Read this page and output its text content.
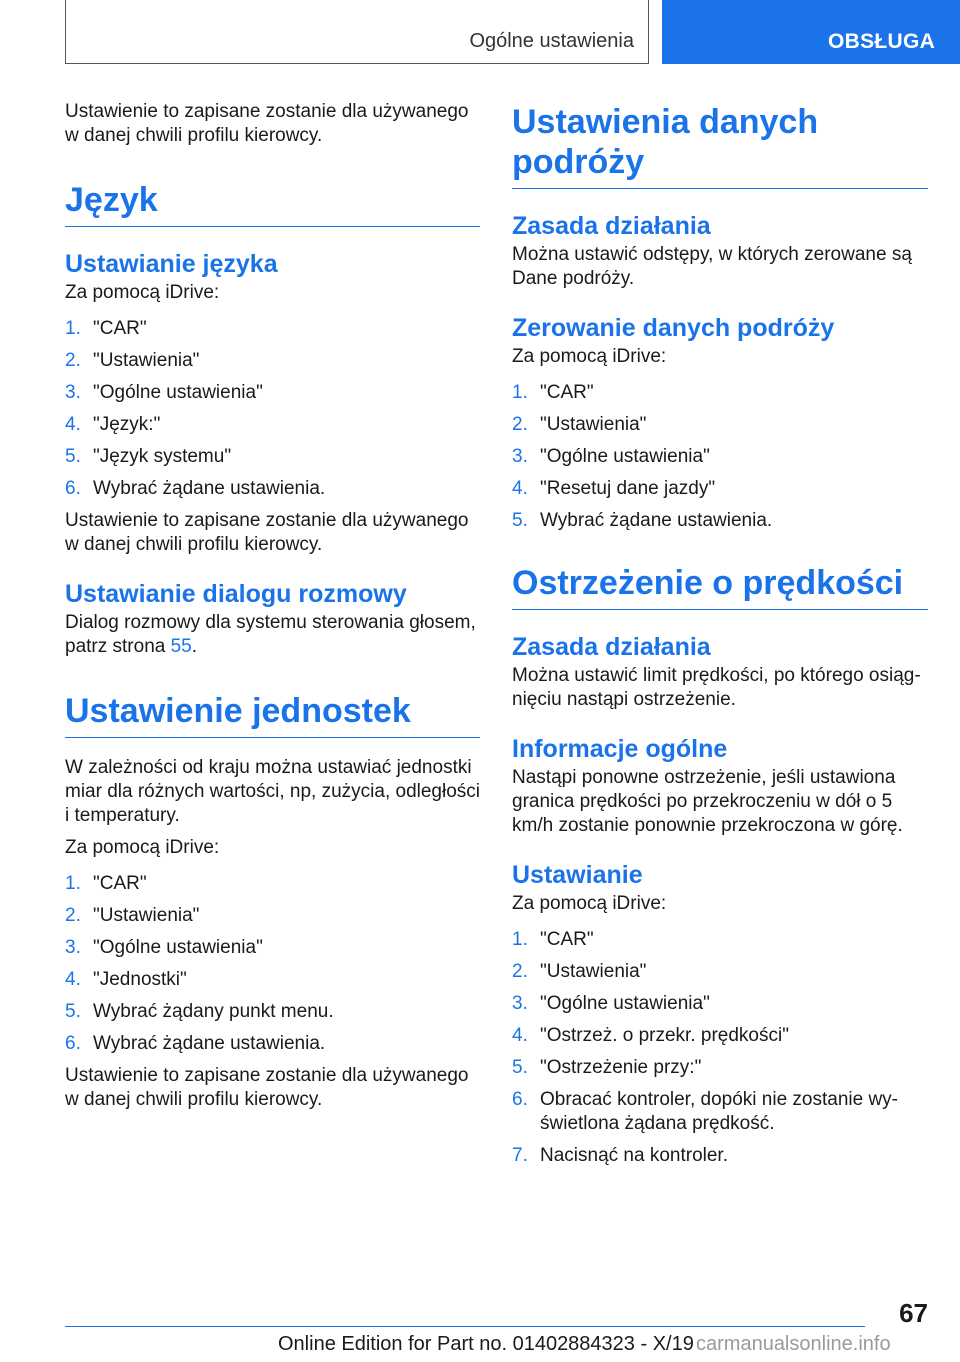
Ogólne ustawienia	OBSŁUGA

Ustawienie to zapisane zostanie dla używanego w danej chwili profilu kierowcy.

Język
Ustawianie języka

Za pomocą iDrive:

1. "CAR"
2. "Ustawienia"
3. "Ogólne ustawienia"
4. "Język:"
5. "Język systemu"
6. Wybrać żądane ustawienia.

Ustawienie to zapisane zostanie dla używanego w danej chwili profilu kierowcy.

Ustawianie dialogu rozmowy

Dialog rozmowy dla systemu sterowania głosem, patrz strona 55.

Ustawienie jednostek

W zależności od kraju można ustawiać jednostki miar dla różnych wartości, np, zużycia, odległości i temperatury.

Za pomocą iDrive:

1. "CAR"
2. "Ustawienia"
3. "Ogólne ustawienia"
4. "Jednostki"
5. Wybrać żądany punkt menu.
6. Wybrać żądane ustawienia.

Ustawienie to zapisane zostanie dla używanego w danej chwili profilu kierowcy.

Ustawienia danych podróży
Zasada działania

Można ustawić odstępy, w których zerowane są Dane podróży.

Zerowanie danych podróży

Za pomocą iDrive:

1. "CAR"
2. "Ustawienia"
3. "Ogólne ustawienia"
4. "Resetuj dane jazdy"
5. Wybrać żądane ustawienia.
Ostrzeżenie o prędkości
Zasada działania

Można ustawić limit prędkości, po którego osiąg-nięciu nastąpi ostrzeżenie.

Informacje ogólne

Nastąpi ponowne ostrzeżenie, jeśli ustawiona granica prędkości po przekroczeniu w dół o 5 km/h zostanie ponownie przekroczona w górę.

Ustawianie

Za pomocą iDrive:

1. "CAR"
2. "Ustawienia"
3. "Ogólne ustawienia"
4. "Ostrzeż. o przekr. prędkości"
5. "Ostrzeżenie przy:"
6. Obracać kontroler, dopóki nie zostanie wy-świetlona żądana prędkość.
7. Nacisnąć na kontroler.
67
Online Edition for Part no. 01402884323 - X/19 carmanualsonline.info
